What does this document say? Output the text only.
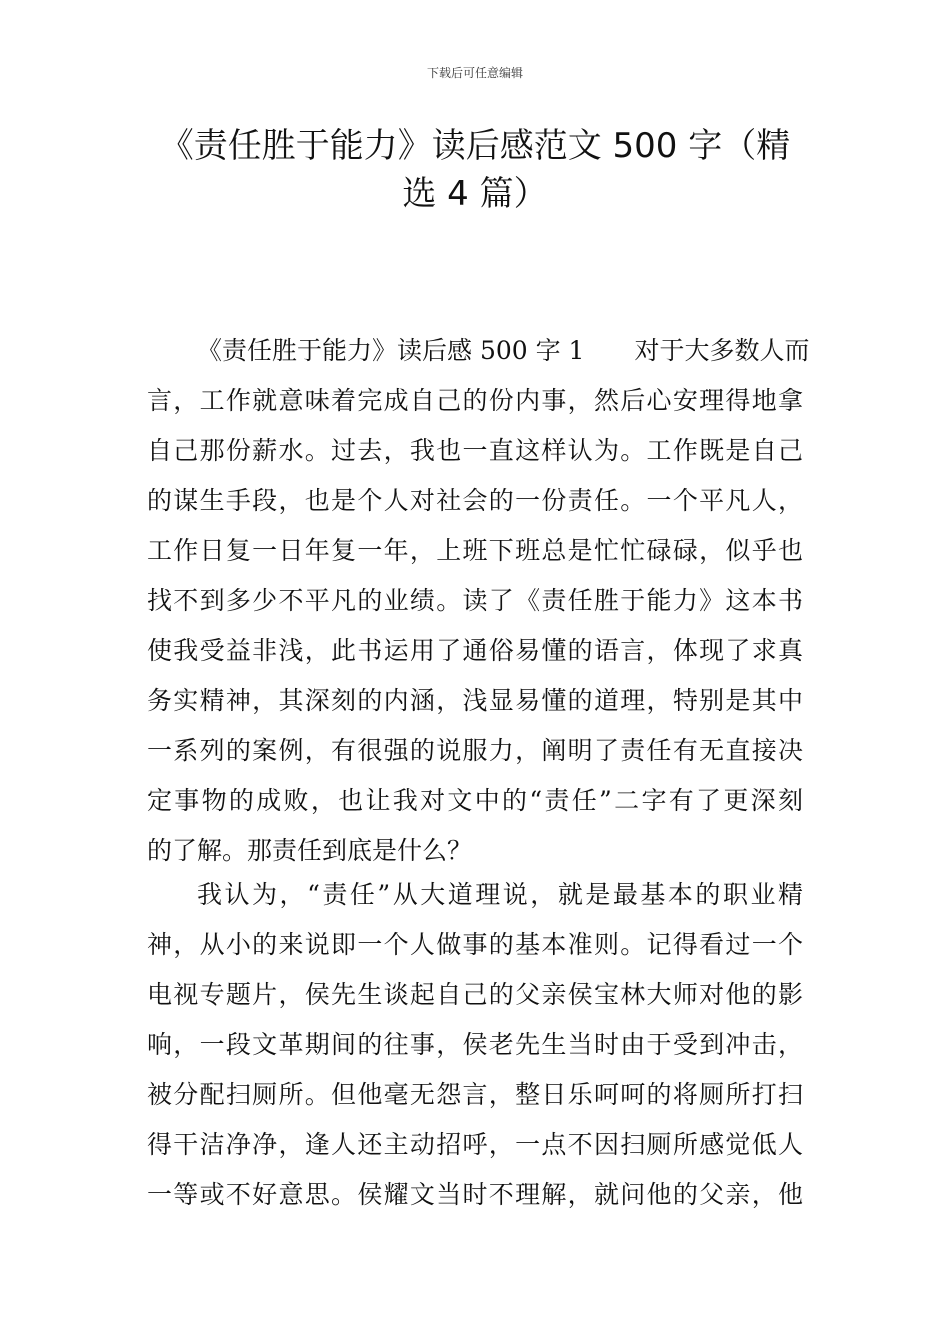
下载后可任意编辑
《责任胜于能力》读后感范文 500 字（精
选 4 篇）
《责任胜于能力》读后感 500 字 1　　对于大多数人而
言，工作就意味着完成自己的份内事，然后心安理得地拿
自己那份薪水。过去，我也一直这样认为。工作既是自己
的谋生手段，也是个人对社会的一份责任。一个平凡人，
工作日复一日年复一年，上班下班总是忙忙碌碌，似乎也
找不到多少不平凡的业绩。读了《责任胜于能力》这本书
使我受益非浅，此书运用了通俗易懂的语言，体现了求真
务实精神，其深刻的内涵，浅显易懂的道理，特别是其中
一系列的案例，有很强的说服力，阐明了责任有无直接决
定事物的成败，也让我对文中的“责任”二字有了更深刻
的了解。那责任到底是什么？
我认为，“责任”从大道理说，就是最基本的职业精
神，从小的来说即一个人做事的基本准则。记得看过一个
电视专题片，侯先生谈起自己的父亲侯宝林大师对他的影
响，一段文革期间的往事，侯老先生当时由于受到冲击，
被分配扫厕所。但他毫无怨言，整日乐呵呵的将厕所打扫
得干洁净净，逢人还主动招呼，一点不因扫厕所感觉低人
一等或不好意思。侯耀文当时不理解，就问他的父亲，他
